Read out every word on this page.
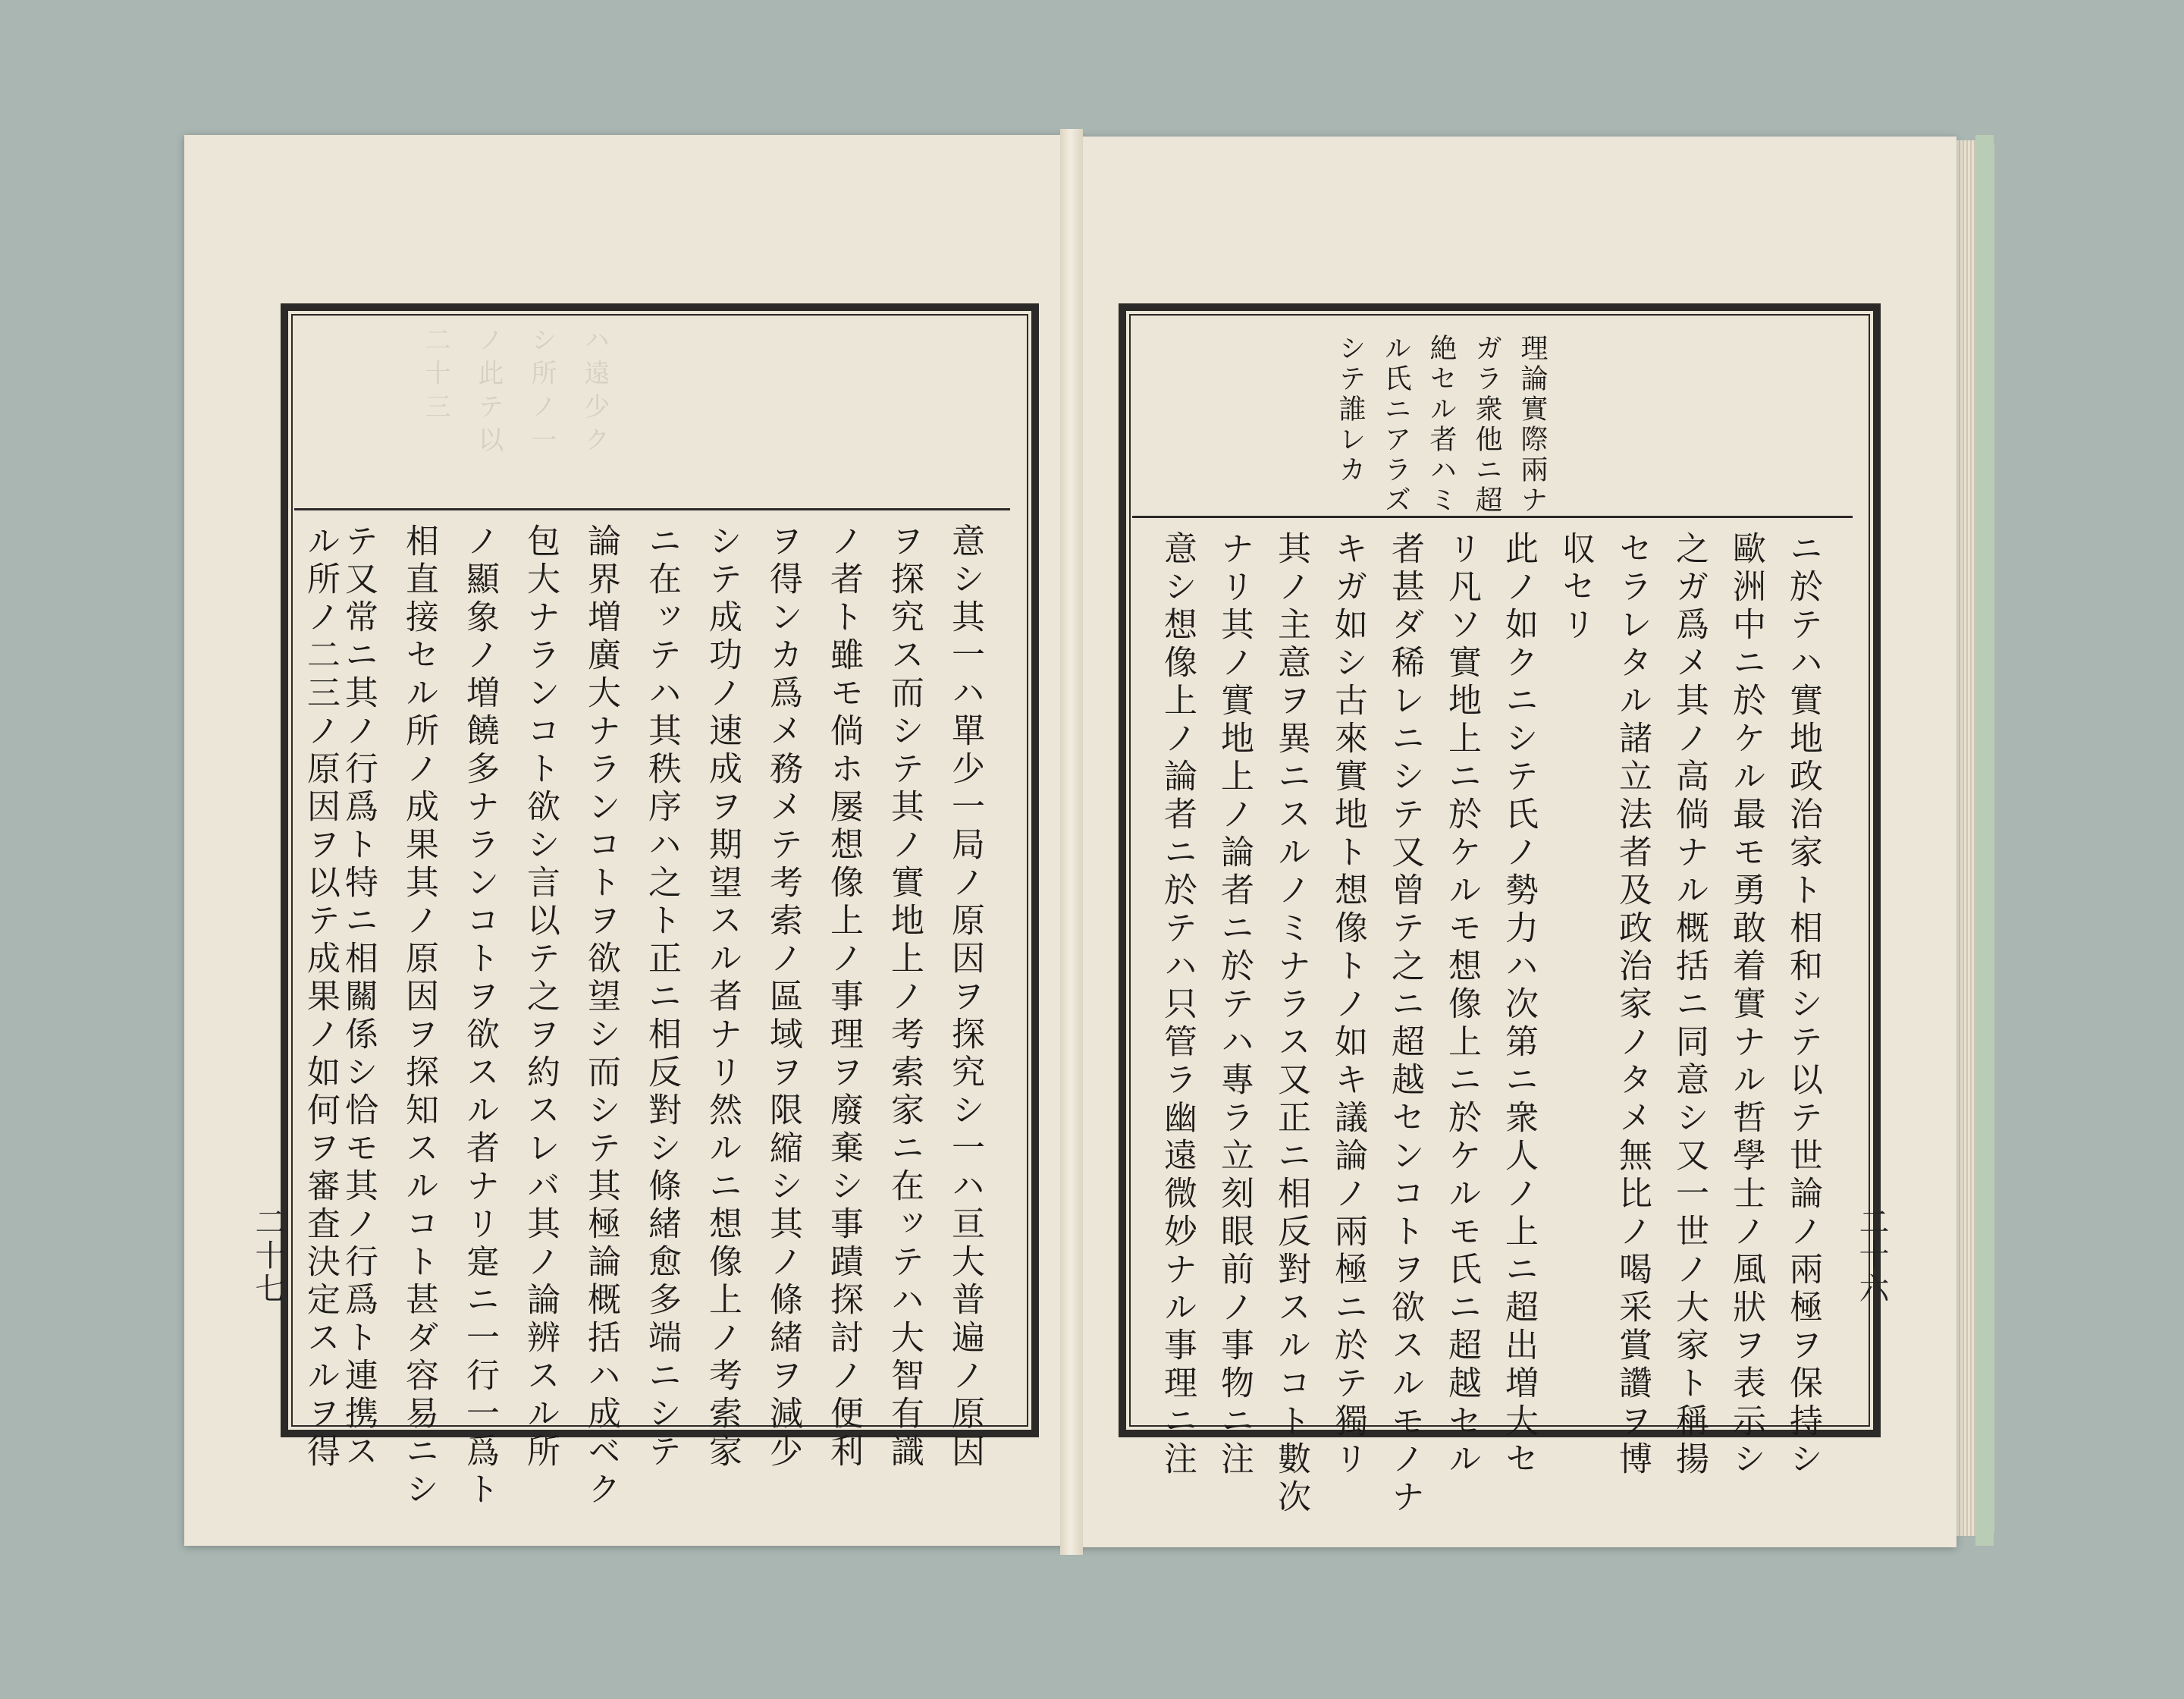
ハ遠少ク
シ所ノ一
ノ此テ以
二十三
意シ其一ハ單少一局ノ原因ヲ探究シ一ハ亘大普遍ノ原因
ヲ探究ス而シテ其ノ實地上ノ考索家ニ在ッテハ大智有識
ノ者ト雖モ倘ホ屡想像上ノ事理ヲ廢棄シ事蹟探討ノ便利
ヲ得ンカ爲メ務メテ考索ノ區域ヲ限縮シ其ノ條緒ヲ減少
シテ成功ノ速成ヲ期望スル者ナリ然ルニ想像上ノ考索家
ニ在ッテハ其秩序ハ之ト正ニ相反對シ條緒愈多端ニシテ
論界増廣大ナランコトヲ欲望シ而シテ其極論概括ハ成ベク
包大ナランコト欲シ言以テ之ヲ約スレバ其ノ論辨スル所
ノ顯象ノ増饒多ナランコトヲ欲スル者ナリ寔ニ一行一爲ト
相直接セル所ノ成果其ノ原因ヲ探知スルコト甚ダ容易ニシ
テ又常ニ其ノ行爲ト特ニ相關係シ恰モ其ノ行爲ト連携ス
ル所ノ二三ノ原因ヲ以テ成果ノ如何ヲ審査決定スルヲ得
二十七
理論實際兩ナ
ガラ衆他ニ超
絶セル者ハミ
ル氏ニアラズ
シテ誰レカ
ニ於テハ實地政治家ト相和シテ以テ世論ノ兩極ヲ保持シ
歐洲中ニ於ケル最モ勇敢着實ナル哲學士ノ風狀ヲ表示シ
之ガ爲メ其ノ高倘ナル概括ニ同意シ又一世ノ大家ト稱揚
セラレタル諸立法者及政治家ノタメ無比ノ喝采賞讚ヲ博
収セリ
此ノ如クニシテ氏ノ勢力ハ次第ニ衆人ノ上ニ超出増大セ
リ凡ソ實地上ニ於ケルモ想像上ニ於ケルモ氏ニ超越セル
者甚ダ稀レニシテ又曾テ之ニ超越センコトヲ欲スルモノナ
キガ如シ古來實地ト想像トノ如キ議論ノ兩極ニ於テ獨リ
其ノ主意ヲ異ニスルノミナラス又正ニ相反對スルコト數次
ナリ其ノ實地上ノ論者ニ於テハ專ラ立刻眼前ノ事物ニ注
意シ想像上ノ論者ニ於テハ只管ラ幽遠微妙ナル事理ニ注	二十六
